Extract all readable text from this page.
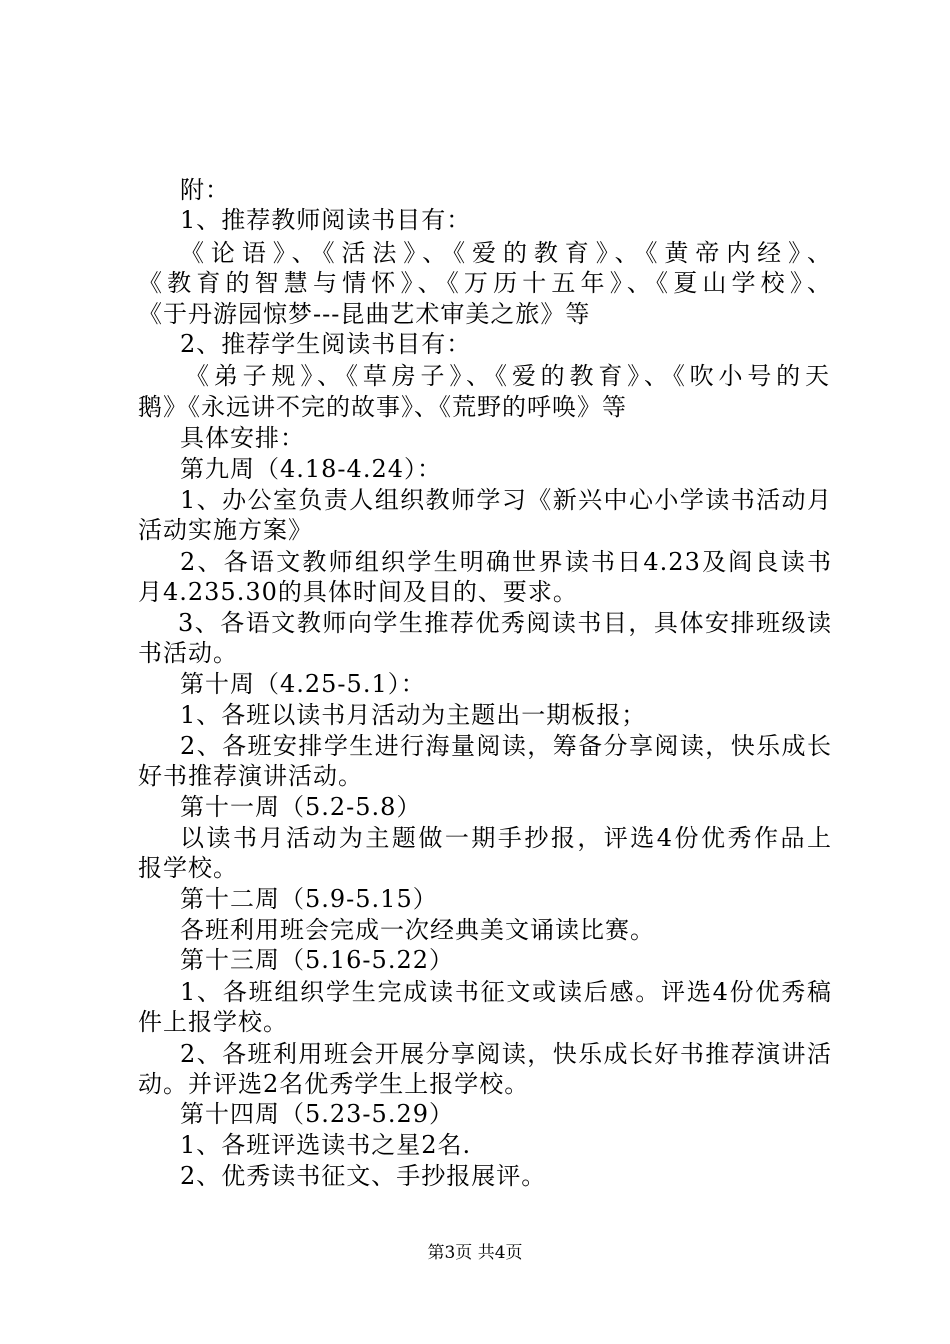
附：
1、推荐教师阅读书目有：
《论语》、《活法》、《爱的教育》、《黄帝内经》、
《教育的智慧与情怀》、《万历十五年》、《夏山学校》、
《于丹游园惊梦---昆曲艺术审美之旅》等
2、推荐学生阅读书目有：
《弟子规》、《草房子》、《爱的教育》、《吹小号的天
鹅》《永远讲不完的故事》、《荒野的呼唤》等
具体安排：
第九周（4.18-4.24）：
1、办公室负责人组织教师学习《新兴中心小学读书活动月
活动实施方案》
2、各语文教师组织学生明确世界读书日4.23及阎良读书
月4.235.30的具体时间及目的、要求。
3、各语文教师向学生推荐优秀阅读书目，具体安排班级读
书活动。
第十周（4.25-5.1）：
1、各班以读书月活动为主题出一期板报；
2、各班安排学生进行海量阅读，筹备分享阅读，快乐成长
好书推荐演讲活动。
第十一周（5.2-5.8）
以读书月活动为主题做一期手抄报，评选4份优秀作品上
报学校。
第十二周（5.9-5.15）
各班利用班会完成一次经典美文诵读比赛。
第十三周（5.16-5.22）
1、各班组织学生完成读书征文或读后感。评选4份优秀稿
件上报学校。
2、各班利用班会开展分享阅读，快乐成长好书推荐演讲活
动。并评选2名优秀学生上报学校。
第十四周（5.23-5.29）
1、各班评选读书之星2名.
2、优秀读书征文、手抄报展评。
第3页 共4页
